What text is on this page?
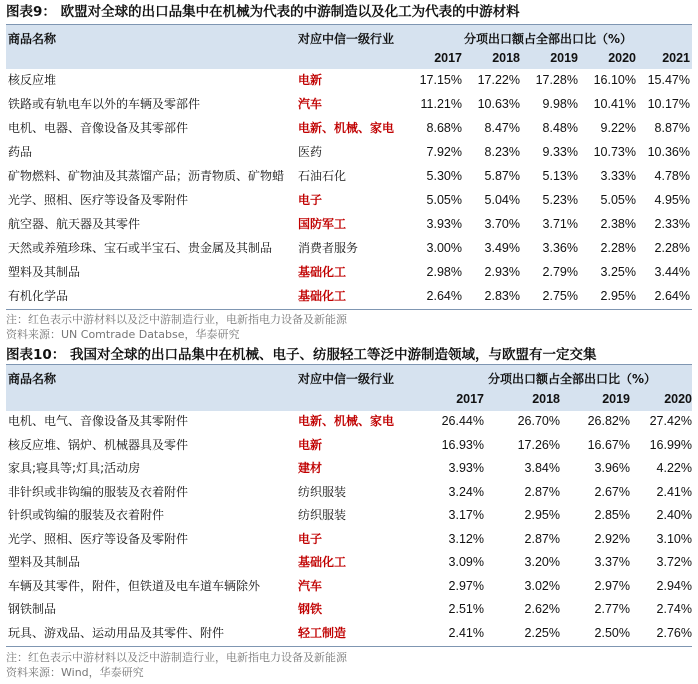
图表9： 欧盟对全球的出口品集中在机械为代表的中游制造以及化工为代表的中游材料
商品名称	对应中信一级行业	分项出口额占全部出口比（%）
2017	2018	2019	2020	2021
核反应堆	电新	17.15%	17.22%	17.28%	16.10% 15.47%
铁路或有轨电车以外的车辆及零部件	汽车	11.21%	10.63%	9.98%	10.41% 10.17%
电机、电器、音像设备及其零部件	电新、机械、家电	8.68%	8.47%	8.48%	9.22%	8.87%
药品	医药	7.92%	8.23%	9.33%	10.73% 10.36%
矿物燃料、矿物油及其蒸馏产品；沥青物质、矿物蜡 石油石化	5.30%	5.87%	5.13%	3.33%	4.78%
光学、照相、医疗等设备及零附件	电子	5.05%	5.04%	5.23%	5.05%	4.95%
航空器、航天器及其零件	国防军工	3.93%	3.70%	3.71%	2.38%	2.33%
天然或养殖珍珠、宝石或半宝石、贵金属及其制品 消费者服务	3.00%	3.49%	3.36%	2.28%	2.28%
塑料及其制品	基础化工	2.98%	2.93%	2.79%	3.25%	3.44%
有机化学品	基础化工	2.64%	2.83%	2.75%	2.95%	2.64%
注：红色表示中游材料以及泛中游制造行业，电新指电力设备及新能源
资料来源：UN Comtrade Databse，华泰研究
图表10： 我国对全球的出口品集中在机械、电子、纺服轻工等泛中游制造领域，与欧盟有一定交集
商品名称	对应中信一级行业	分项出口额占全部出口比（%）
2017	2018	2019	2020
电机、电气、音像设备及其零附件	电新、机械、家电	26.44%	26.70%	26.82%	27.42%
核反应堆、锅炉、机械器具及零件	电新	16.93%	17.26%	16.67%	16.99%
家具;寝具等;灯具;活动房	建材	3.93%	3.84%	3.96%	4.22%
非针织或非钩编的服装及衣着附件	纺织服装	3.24%	2.87%	2.67%	2.41%
针织或钩编的服装及衣着附件	纺织服装	3.17%	2.95%	2.85%	2.40%
光学、照相、医疗等设备及零附件	电子	3.12%	2.87%	2.92%	3.10%
塑料及其制品	基础化工	3.09%	3.20%	3.37%	3.72%
车辆及其零件，附件，但铁道及电车道车辆除外	汽车	2.97%	3.02%	2.97%	2.94%
钢铁制品	钢铁	2.51%	2.62%	2.77%	2.74%
玩具、游戏品、运动用品及其零件、附件	轻工制造	2.41%	2.25%	2.50%	2.76%
注：红色表示中游材料以及泛中游制造行业，电新指电力设备及新能源
资料来源：Wind，华泰研究
